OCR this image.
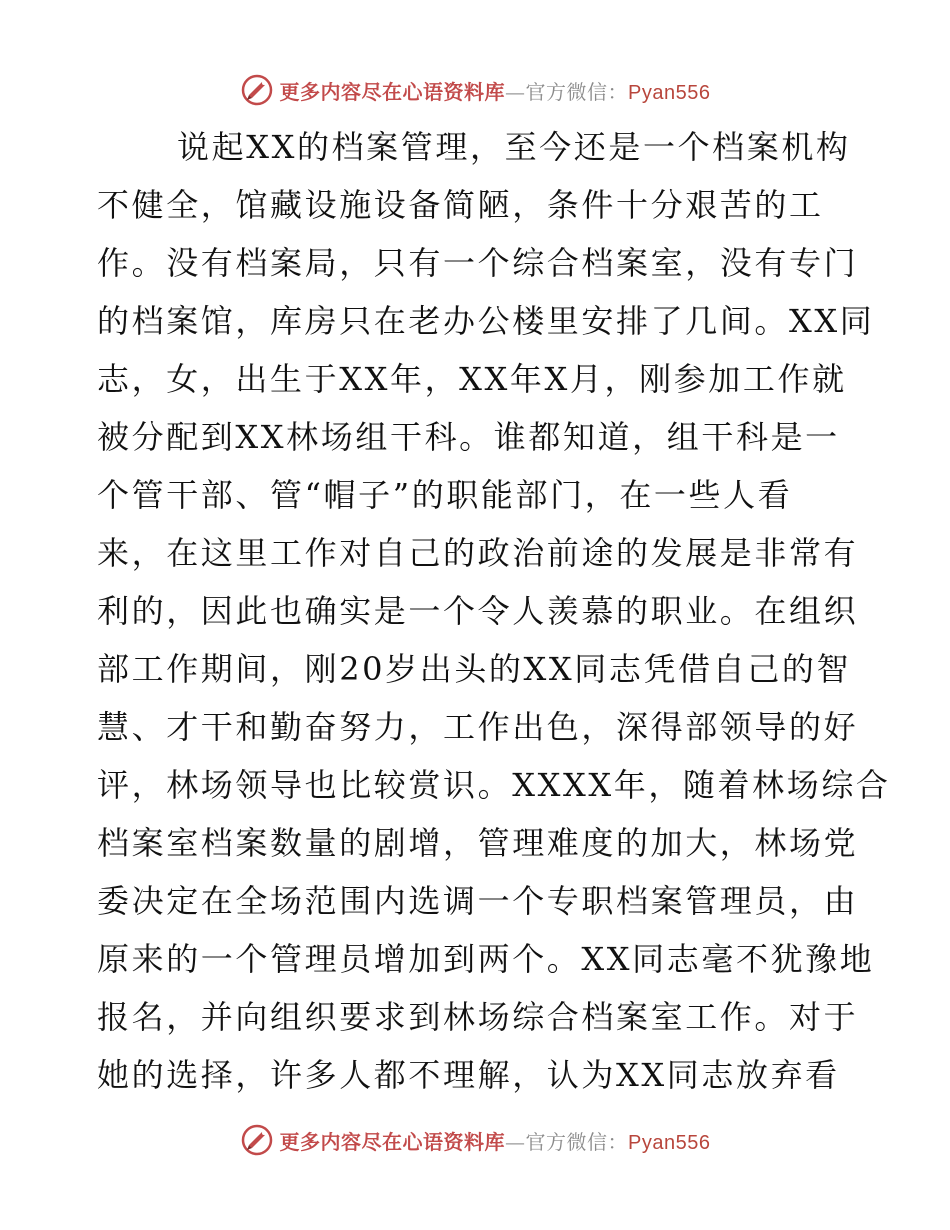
更多内容尽在心语资料库—官方微信：Pyan556
说起XX的档案管理，至今还是一个档案机构
不健全，馆藏设施设备简陋，条件十分艰苦的工
作。没有档案局，只有一个综合档案室，没有专门
的档案馆，库房只在老办公楼里安排了几间。XX同
志，女，出生于XX年，XX年X月，刚参加工作就
被分配到XX林场组干科。谁都知道，组干科是一
个管干部、管“帽子”的职能部门，在一些人看
来，在这里工作对自己的政治前途的发展是非常有
利的，因此也确实是一个令人羡慕的职业。在组织
部工作期间，刚20岁出头的XX同志凭借自己的智
慧、才干和勤奋努力，工作出色，深得部领导的好
评，林场领导也比较赏识。XXXX年，随着林场综合
档案室档案数量的剧增，管理难度的加大，林场党
委决定在全场范围内选调一个专职档案管理员，由
原来的一个管理员增加到两个。XX同志毫不犹豫地
报名，并向组织要求到林场综合档案室工作。对于
她的选择，许多人都不理解，认为XX同志放弃看
更多内容尽在心语资料库—官方微信：Pyan556
